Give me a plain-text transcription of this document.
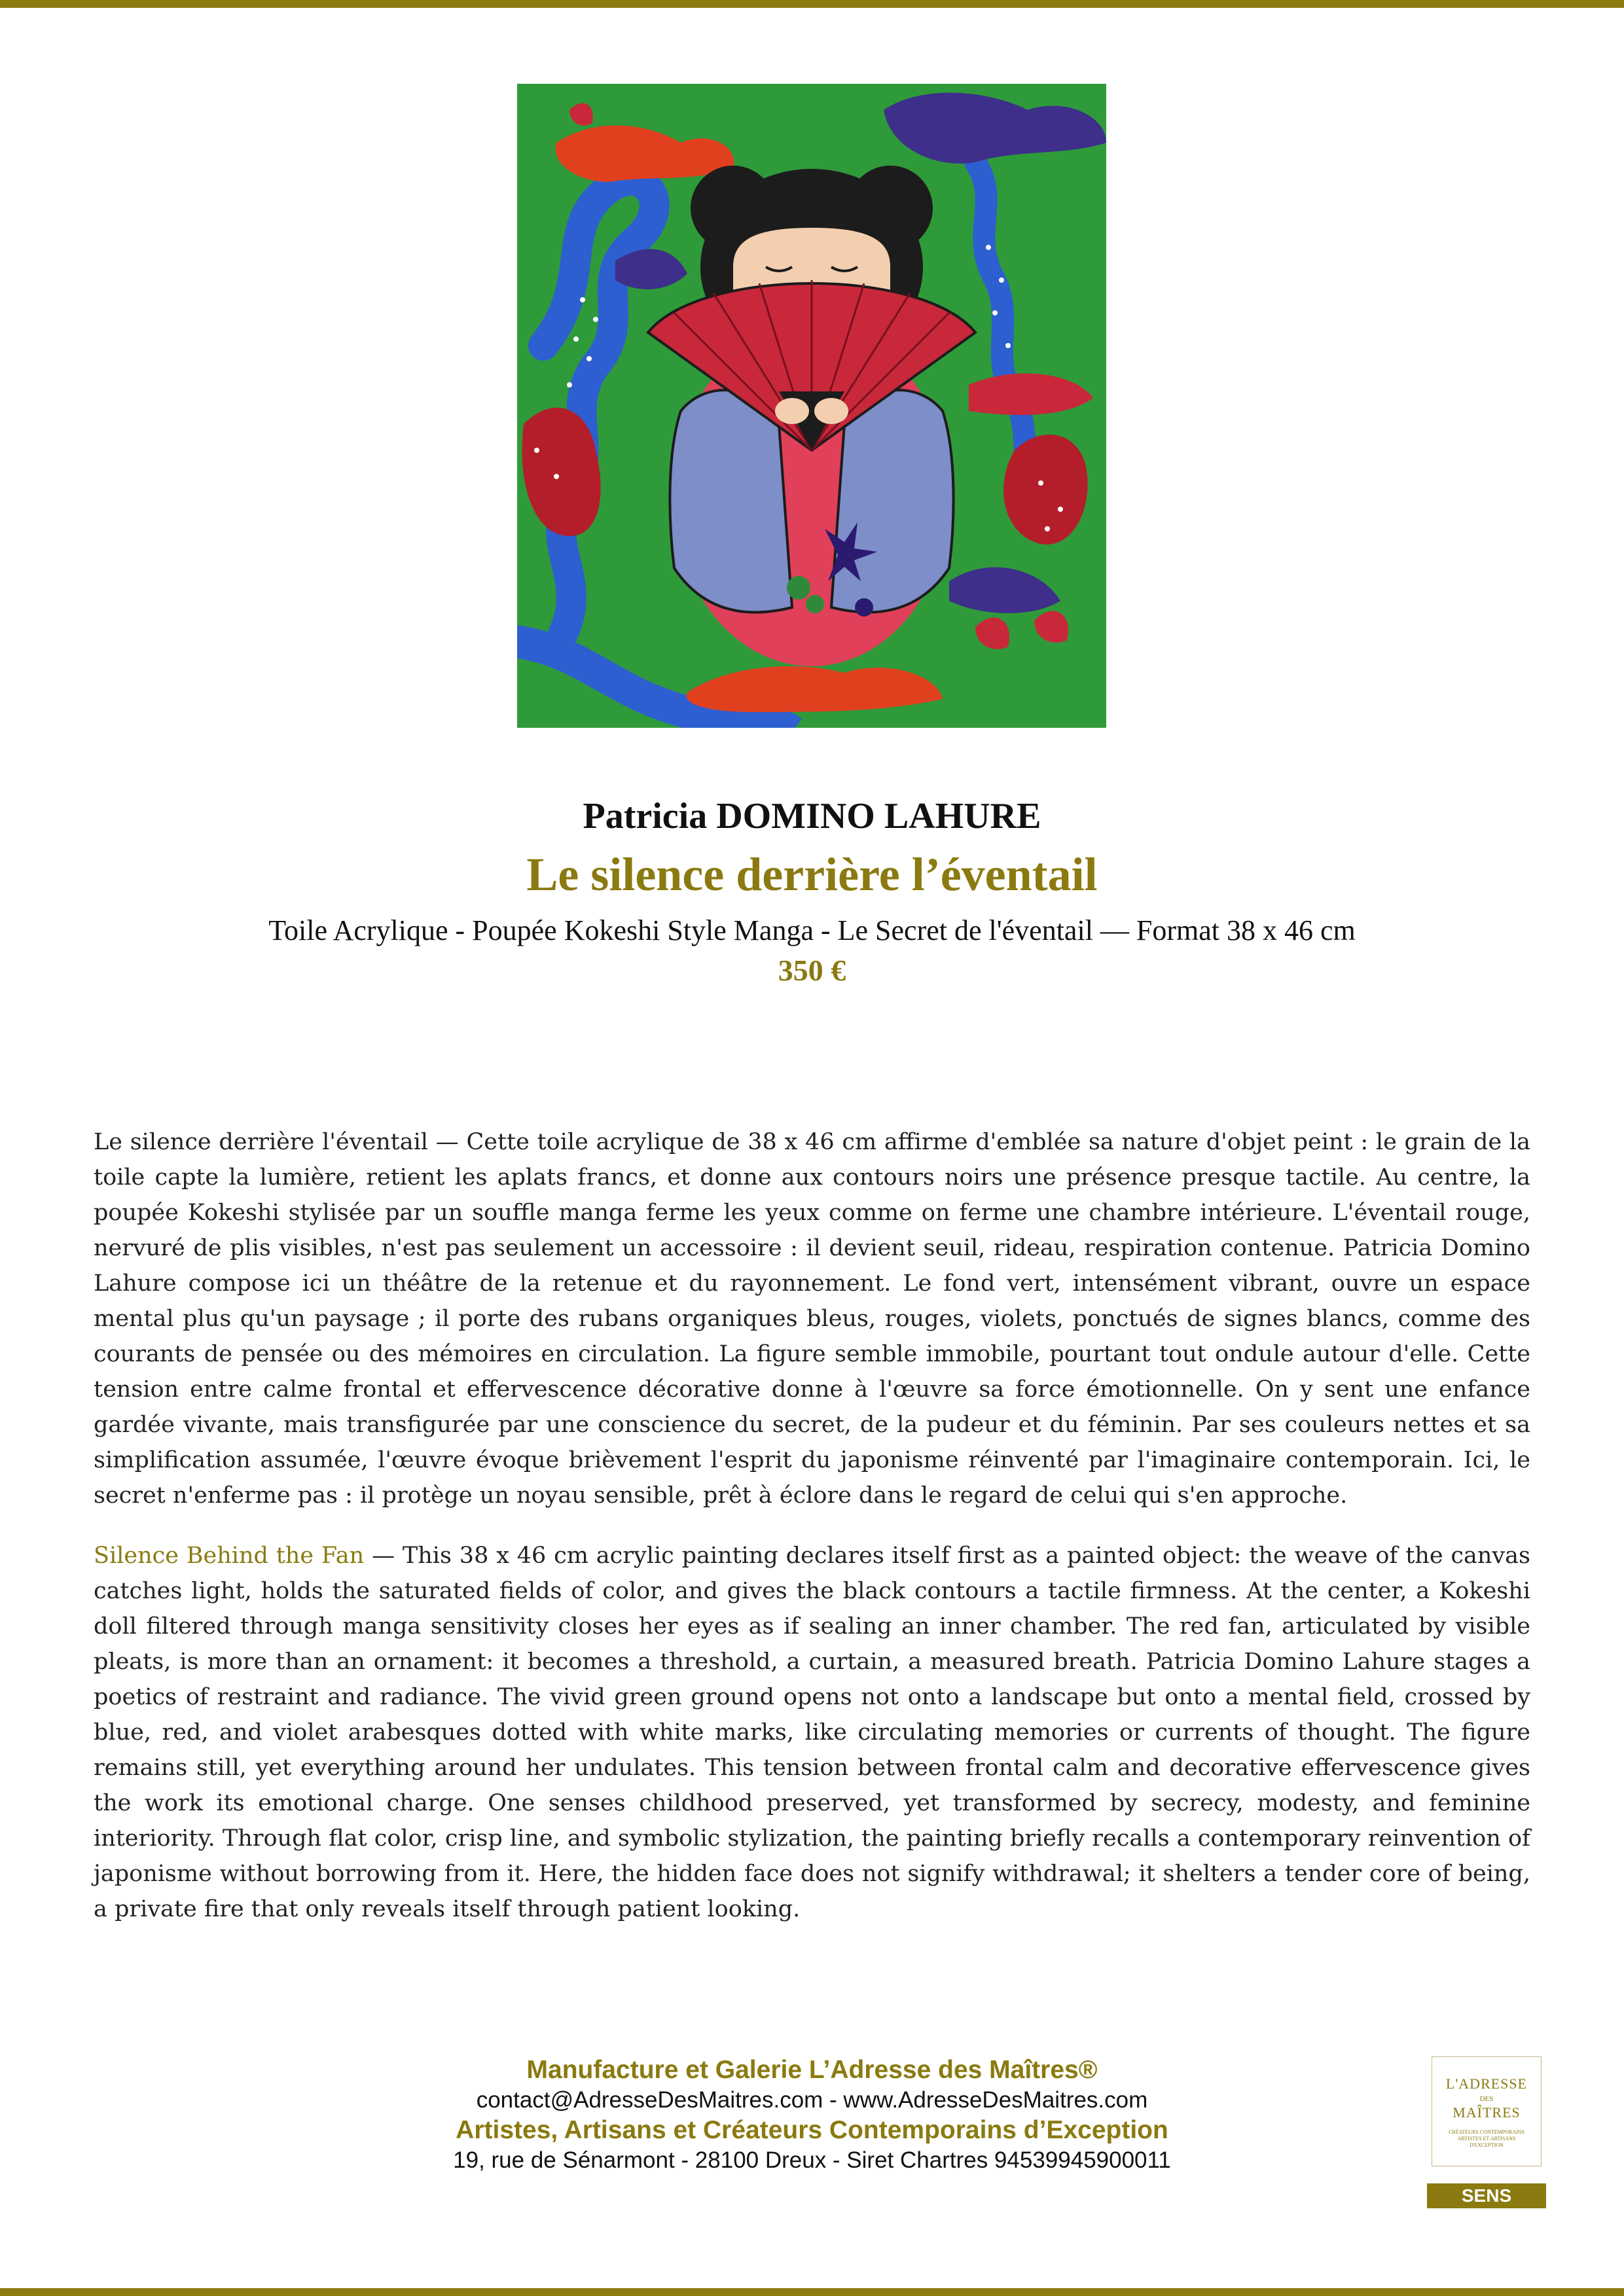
Patricia DOMINO LAHURE
Le silence derrière l’éventail
Toile Acrylique - Poupée Kokeshi Style Manga - Le Secret de l'éventail — Format 38 x 46 cm
350 €

Le silence derrière l'éventail — Cette toile acrylique de 38 x 46 cm affirme d'emblée sa nature d'objet peint : le grain de la toile capte la lumière, retient les aplats francs, et donne aux contours noirs une présence presque tactile. Au centre, la poupée Kokeshi stylisée par un souffle manga ferme les yeux comme on ferme une chambre intérieure. L'éventail rouge, nervuré de plis visibles, n'est pas seulement un accessoire : il devient seuil, rideau, respiration contenue. Patricia Domino Lahure compose ici un théâtre de la retenue et du rayonnement. Le fond vert, intensément vibrant, ouvre un espace mental plus qu'un paysage ; il porte des rubans organiques bleus, rouges, violets, ponctués de signes blancs, comme des courants de pensée ou des mémoires en circulation. La figure semble immobile, pourtant tout ondule autour d'elle. Cette tension entre calme frontal et effervescence décorative donne à l'œuvre sa force émotionnelle. On y sent une enfance gardée vivante, mais transfigurée par une conscience du secret, de la pudeur et du féminin. Par ses couleurs nettes et sa simplification assumée, l'œuvre évoque brièvement l'esprit du japonisme réinventé par l'imaginaire contemporain. Ici, le secret n'enferme pas : il protège un noyau sensible, prêt à éclore dans le regard de celui qui s'en approche.

Silence Behind the Fan — This 38 x 46 cm acrylic painting declares itself first as a painted object: the weave of the canvas catches light, holds the saturated fields of color, and gives the black contours a tactile firmness. At the center, a Kokeshi doll filtered through manga sensitivity closes her eyes as if sealing an inner chamber. The red fan, articulated by visible pleats, is more than an ornament: it becomes a threshold, a curtain, a measured breath. Patricia Domino Lahure stages a poetics of restraint and radiance. The vivid green ground opens not onto a landscape but onto a mental field, crossed by blue, red, and violet arabesques dotted with white marks, like circulating memories or currents of thought. The figure remains still, yet everything around her undulates. This tension between frontal calm and decorative effervescence gives the work its emotional charge. One senses childhood preserved, yet transformed by secrecy, modesty, and feminine interiority. Through flat color, crisp line, and symbolic stylization, the painting briefly recalls a contemporary reinvention of japonisme without borrowing from it. Here, the hidden face does not signify withdrawal; it shelters a tender core of being, a private fire that only reveals itself through patient looking.

Manufacture et Galerie L’Adresse des Maîtres®
contact@AdresseDesMaitres.com - www.AdresseDesMaitres.com
Artistes, Artisans et Créateurs Contemporains d’Exception
19, rue de Sénarmont - 28100 Dreux - Siret Chartres 94539945900011
L'ADRESSE
DES
MAÎTRES
CRÉATEURS CONTEMPORAINS ARTISTES ET ARTISANS D'EXCEPTION
SENS
